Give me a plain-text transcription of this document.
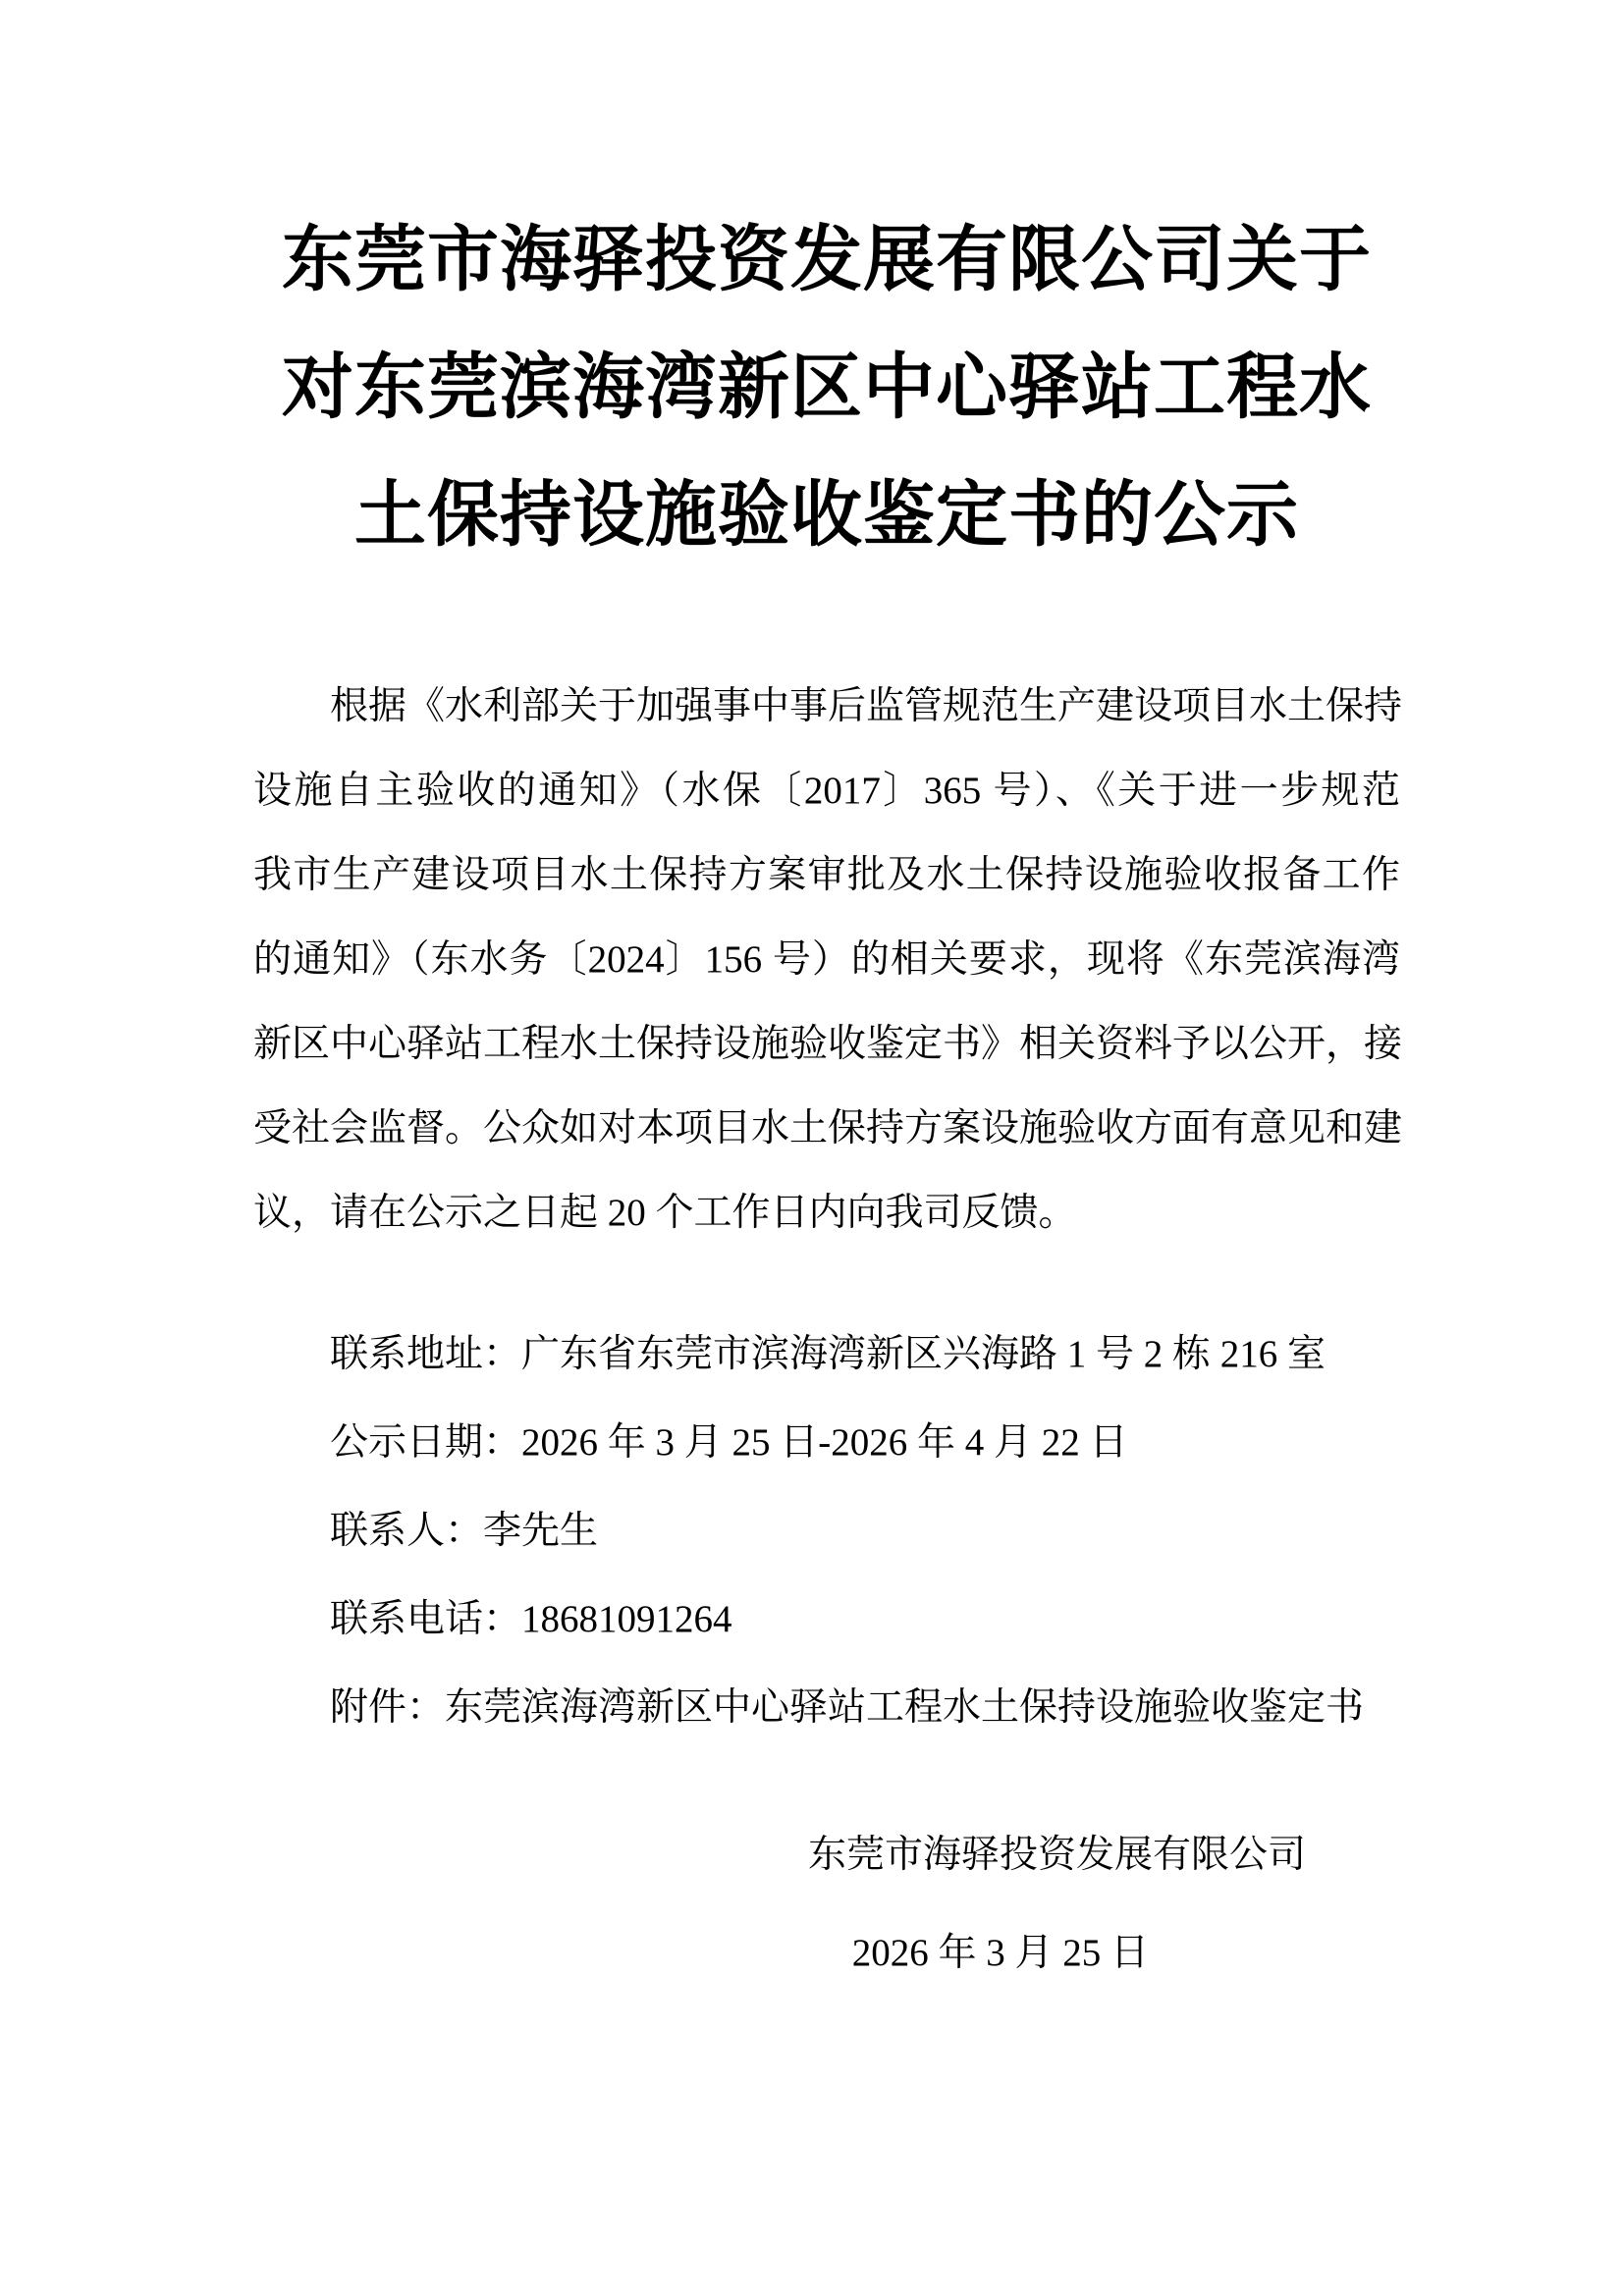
东莞市海驿投资发展有限公司关于
对东莞滨海湾新区中心驿站工程水
土保持设施验收鉴定书的公示
根据《水利部关于加强事中事后监管规范生产建设项目水土保持
设施自主验收的通知》（水保〔2017〕365 号）、《关于进一步规范
我市生产建设项目水土保持方案审批及水土保持设施验收报备工作
的通知》（东水务〔2024〕156 号）的相关要求，现将《东莞滨海湾
新区中心驿站工程水土保持设施验收鉴定书》相关资料予以公开，接
受社会监督。公众如对本项目水土保持方案设施验收方面有意见和建
议，请在公示之日起 20 个工作日内向我司反馈。
联系地址：广东省东莞市滨海湾新区兴海路 1 号 2 栋 216 室
公示日期：2026 年 3 月 25 日-2026 年 4 月 22 日
联系人：李先生
联系电话：18681091264
附件：东莞滨海湾新区中心驿站工程水土保持设施验收鉴定书
东莞市海驿投资发展有限公司
2026 年 3 月 25 日
